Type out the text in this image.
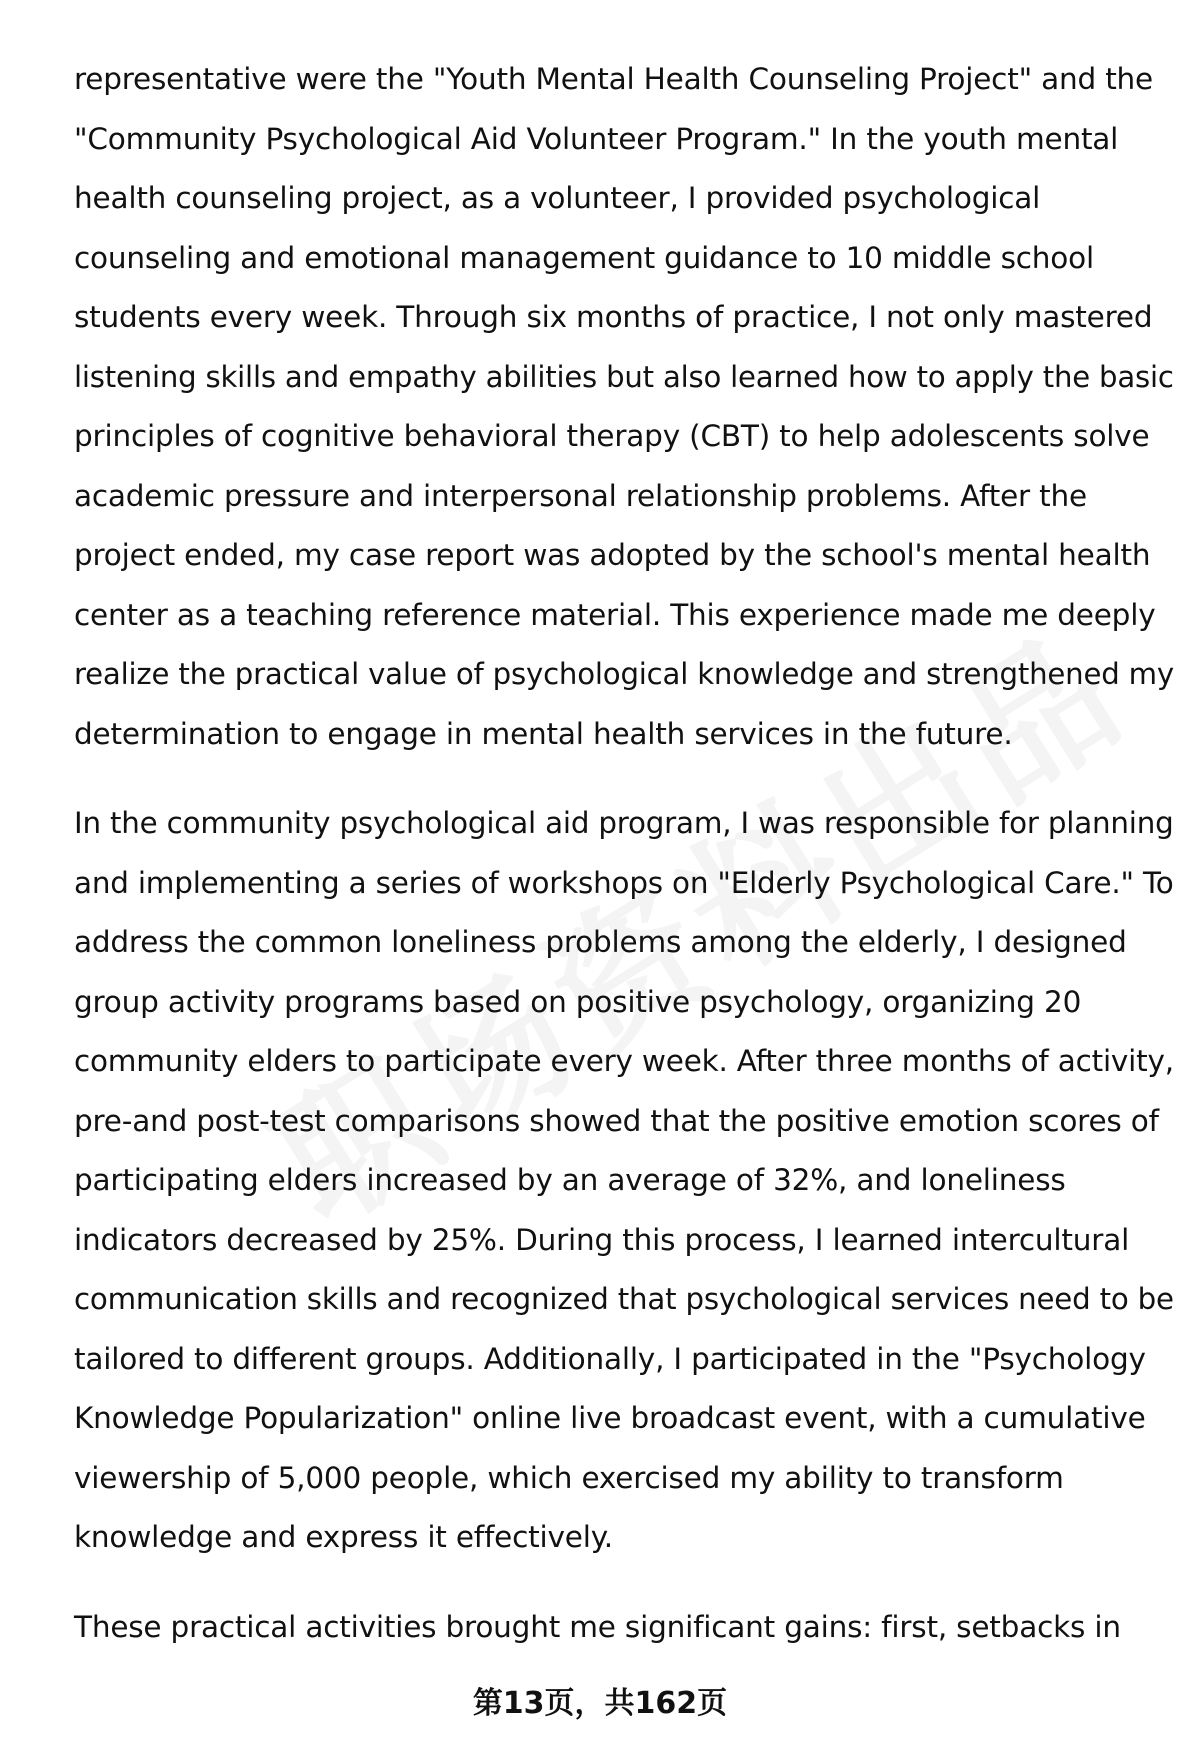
representative were the "Youth Mental Health Counseling Project" and the
"Community Psychological Aid Volunteer Program." In the youth mental
health counseling project, as a volunteer, I provided psychological
counseling and emotional management guidance to 10 middle school
students every week. Through six months of practice, I not only mastered
listening skills and empathy abilities but also learned how to apply the basic
principles of cognitive behavioral therapy (CBT) to help adolescents solve
academic pressure and interpersonal relationship problems. After the
project ended, my case report was adopted by the school's mental health
center as a teaching reference material. This experience made me deeply
realize the practical value of psychological knowledge and strengthened my
determination to engage in mental health services in the future.

In the community psychological aid program, I was responsible for planning
and implementing a series of workshops on "Elderly Psychological Care." To
address the common loneliness problems among the elderly, I designed
group activity programs based on positive psychology, organizing 20
community elders to participate every week. After three months of activity,
pre-and post-test comparisons showed that the positive emotion scores of
participating elders increased by an average of 32%, and loneliness
indicators decreased by 25%. During this process, I learned intercultural
communication skills and recognized that psychological services need to be
tailored to different groups. Additionally, I participated in the "Psychology
Knowledge Popularization" online live broadcast event, with a cumulative
viewership of 5,000 people, which exercised my ability to transform
knowledge and express it effectively.

These practical activities brought me significant gains: first, setbacks in

第13页，共162页
